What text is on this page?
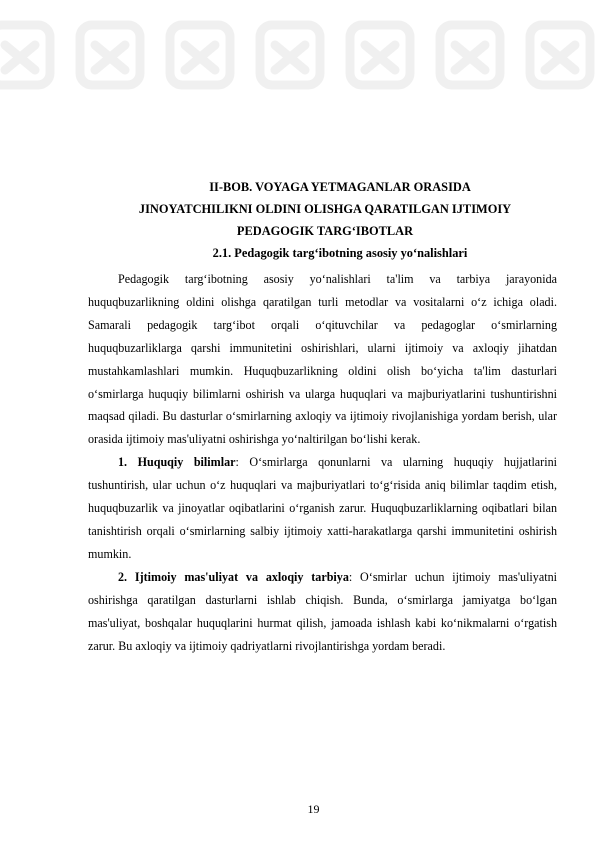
II-BOB. VOYAGA YETMAGANLAR ORASIDA
JINOYATCHILIKNI OLDINI OLISHGA QARATILGAN IJTIMOIY
PEDAGOGIK TARG‘IBOTLAR
2.1. Pedagogik targ‘ibotning asosiy yo‘nalishlari

Pedagogik targ‘ibotning asosiy yo‘nalishlari ta'lim va tarbiya jarayonida huquqbuzarlikning oldini olishga qaratilgan turli metodlar va vositalarni o‘z ichiga oladi. Samarali pedagogik targ‘ibot orqali o‘qituvchilar va pedagoglar o‘smirlarning huquqbuzarliklarga qarshi immunitetini oshirishlari, ularni ijtimoiy va axloqiy jihatdan mustahkamlashlari mumkin. Huquqbuzarlikning oldini olish bo‘yicha ta'lim dasturlari o‘smirlarga huquqiy bilimlarni oshirish va ularga huquqlari va majburiyatlarini tushuntirishni maqsad qiladi. Bu dasturlar o‘smirlarning axloqiy va ijtimoiy rivojlanishiga yordam berish, ular orasida ijtimoiy mas'uliyatni oshirishga yo‘naltirilgan bo‘lishi kerak.

1. Huquqiy bilimlar: O‘smirlarga qonunlarni va ularning huquqiy hujjatlarini tushuntirish, ular uchun o‘z huquqlari va majburiyatlari to‘g‘risida aniq bilimlar taqdim etish, huquqbuzarlik va jinoyatlar oqibatlarini o‘rganish zarur. Huquqbuzarliklarning oqibatlari bilan tanishtirish orqali o‘smirlarning salbiy ijtimoiy xatti-harakatlarga qarshi immunitetini oshirish mumkin.

2. Ijtimoiy mas'uliyat va axloqiy tarbiya: O‘smirlar uchun ijtimoiy mas'uliyatni oshirishga qaratilgan dasturlarni ishlab chiqish. Bunda, o‘smirlarga jamiyatga bo‘lgan mas'uliyat, boshqalar huquqlarini hurmat qilish, jamoada ishlash kabi ko‘nikmalarni o‘rgatish zarur. Bu axloqiy va ijtimoiy qadriyatlarni rivojlantirishga yordam beradi.

19
